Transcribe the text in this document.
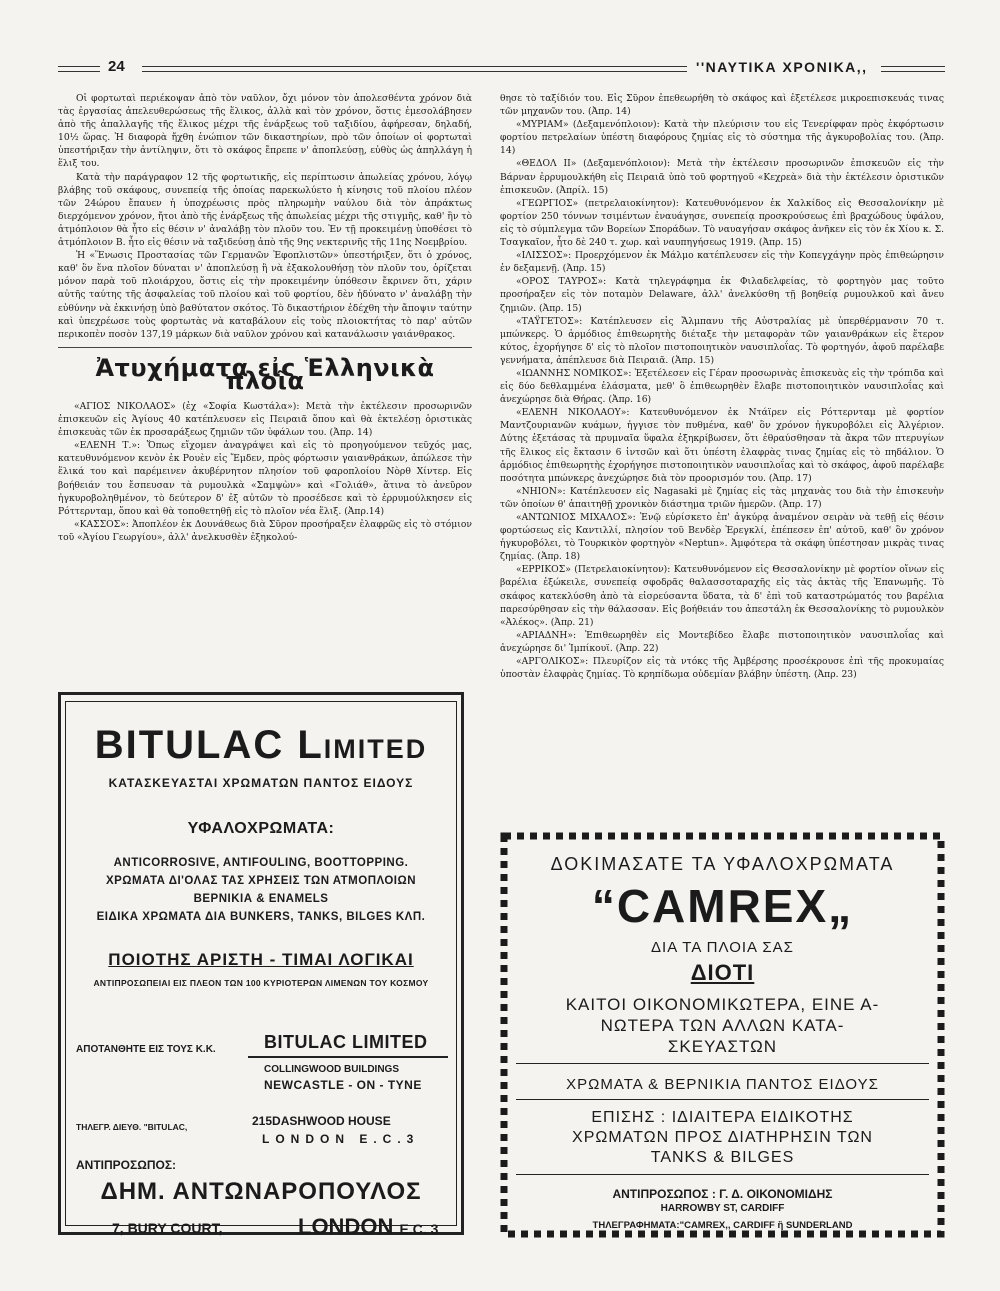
24	''ΝΑΥΤΙΚΑ ΧΡΟΝΙΚΑ,,

Οἱ φορτωταὶ περιέκοψαν ἀπὸ τὸν ναῦλον, ὄχι μόνον τὸν ἀπολεσθέντα χρόνον διὰ τὰς ἐργασίας ἀπελευθερώσεως τῆς ἕλικος, ἀλλὰ καὶ τὸν χρόνον, ὅστις ἐμεσολάβησεν ἀπὸ τῆς ἀπαλλαγῆς τῆς ἕλικος μέχρι τῆς ἐνάρξεως τοῦ ταξιδίου, ἀφήρεσαν, δηλαδή, 10½ ὥρας. Ἡ διαφορὰ ἤχθη ἐνώπιον τῶν δικαστηρίων, πρὸ τῶν ὁποίων οἱ φορτωταὶ ὑπεστήριξαν τὴν ἀντίληψιν, ὅτι τὸ σκάφος ἔπρεπε ν' ἀποπλεύσῃ, εὐθὺς ὡς ἀπηλλάγη ἡ ἕλιξ του.

Κατὰ τὴν παράγραφον 12 τῆς φορτωτικῆς, εἰς περίπτωσιν ἀπωλείας χρόνου, λόγῳ βλάβης τοῦ σκάφους, συνεπείᾳ τῆς ὁποίας παρεκωλύετο ἡ κίνησις τοῦ πλοίου πλέον τῶν 24ώρου ἔπαυεν ἡ ὑποχρέωσις πρὸς πληρωμὴν ναύλου διὰ τὸν ἀπράκτως διερχόμενον χρόνον, ἤτοι ἀπὸ τῆς ἐνάρξεως τῆς ἀπωλείας μέχρι τῆς στιγμῆς, καθ' ἣν τὸ ἀτμόπλοιον θὰ ἦτο εἰς θέσιν ν' ἀναλάβῃ τὸν πλοῦν του. Ἐν τῇ προκειμένῃ ὑποθέσει τὸ ἀτμόπλοιον Β. ἦτο εἰς θέσιν νὰ ταξιδεύσῃ ἀπὸ τῆς 9ης νεκτερινῆς τῆς 11ης Νοεμβρίου.

Ἡ «Ἕνωσις Προστασίας τῶν Γερμανῶν Ἐφοπλιστῶν» ὑπεστήριξεν, ὅτι ὁ χρόνος, καθ' ὃν ἕνα πλοῖον δύναται ν' ἀποπλεύσῃ ἢ νὰ ἐξακολουθήσῃ τὸν πλοῦν του, ὁρίζεται μόνον παρὰ τοῦ πλοιάρχου, ὅστις εἰς τὴν προκειμένην ὑπόθεσιν ἔκρινεν ὅτι, χάριν αὐτῆς ταύτης τῆς ἀσφαλείας τοῦ πλοίου καὶ τοῦ φορτίου, δὲν ἠδύνατο ν' ἀναλάβῃ τὴν εὐθύνην νὰ ἐκκινήσῃ ὑπὸ βαθύτατον σκότος. Τὸ δικαστήριον ἐδέχθη τὴν ἄποψιν ταύτην καὶ ὑπεχρέωσε τοὺς φορτωτὰς νὰ καταβάλουν εἰς τοὺς πλοιοκτήτας τὸ παρ' αὐτῶν περικοπὲν ποσὸν 137,19 μάρκων διὰ ναῦλον χρόνου καὶ κατανάλωσιν γαιάνθρακος.

Ἀτυχήματα εἰς Ἑλληνικὰ πλοῖα

«ΑΓΙΟΣ ΝΙΚΟΛΑΟΣ» (ἐχ «Σοφία Κωστάλα»): Μετὰ τὴν ἐκτέλεσιν προσωρινῶν ἐπισκευῶν εἰς Ἁγίους 40 κατέπλευσεν εἰς Πειραιᾶ ὅπου καὶ θὰ ἐκτελέσῃ ὁριστικὰς ἐπισκευὰς τῶν ἐκ προσαράξεως ζημιῶν τῶν ὑφάλων του. (Ἀπρ. 14)

«ΕΛΕΝΗ Τ.»: Ὅπως εἴχομεν ἀναγράψει καὶ εἰς τὸ προηγούμενον τεῦχός μας, κατευθυνόμενον κενὸν ἐκ Ρουὲν εἰς Ἔμδεν, πρὸς φόρτωσιν γαιανθράκων, ἀπώλεσε τὴν ἕλικά του καὶ παρέμεινεν ἀκυβέρνητον πλησίον τοῦ φαροπλοίου Νὸρθ Χίντερ. Εἰς βοήθειάν του ἔσπευσαν τὰ ρυμουλκὰ «Σαμψὼν» καὶ «Γολιάθ», ἅτινα τὸ ἀνεῦρον ἠγκυροβοληθμένον, τὸ δεύτερον δ' ἐξ αὐτῶν τὸ προσέδεσε καὶ τὸ ἐρρυμούλκησεν εἰς Ρόττερνταμ, ὅπου καὶ θὰ τοποθετηθῇ εἰς τὸ πλοῖον νέα ἕλιξ. (Ἀπρ.14)

«ΚΑΣΣΟΣ»: Ἀποπλέον ἐκ Δουνάθεως διὰ Σῦρον προσήραξεν ἐλαφρῶς εἰς τὸ στόμιον τοῦ «Ἁγίου Γεωργίου», ἀλλ' ἀνελκυσθὲν ἐξηκολού-

θησε τὸ ταξίδιόν του. Εἰς Σῦρον ἐπεθεωρήθη τὸ σκάφος καὶ ἐξετέλεσε μικροεπισκευάς τινας τῶν μηχανῶν του. (Ἀπρ. 14)

«ΜΥΡΙΑΜ» (Δεξαμενόπλοιον): Κατὰ τὴν πλεύρισιν του εἰς Τενερίφφαν πρὸς ἐκφόρτωσιν φορτίου πετρελαίων ὑπέστη διαφόρους ζημίας εἰς τὸ σύστημα τῆς ἀγκυροβολίας του. (Ἀπρ. 14)

«ΘΕΔΟΛ ΙΙ» (Δεξαμενόπλοιον): Μετὰ τὴν ἐκτέλεσιν προσωρινῶν ἐπισκευῶν εἰς τὴν Βάρναν ἐρρυμουλκήθη εἰς Πειραιᾶ ὑπὸ τοῦ φορτηγοῦ «Κεχρεὰ» διὰ τὴν ἐκτέλεσιν ὁριστικῶν ἐπισκευῶν. (Ἀπρίλ. 15)

«ΓΕΩΡΓΙΟΣ» (πετρελαιοκίνητον): Κατευθυνόμενον ἐκ Χαλκίδος εἰς Θεσσαλονίκην μὲ φορτίον 250 τόννων τσιμέντων ἐναυάγησε, συνεπείᾳ προσκρούσεως ἐπὶ βραχώδους ὑφάλου, εἰς τὸ σύμπλεγμα τῶν Βορείων Σποράδων. Τὸ ναυαγήσαν σκάφος ἀνῆκεν εἰς τὸν ἐκ Χίου κ. Σ. Τσαγκαῖον, ἦτο δὲ 240 τ. χωρ. καὶ ναυπηγήσεως 1919. (Ἀπρ. 15)

«ΙΛΙΣΣΟΣ»: Προερχόμενον ἐκ Μάλμο κατέπλευσεν εἰς τὴν Κοπεγχάγην πρὸς ἐπιθεώρησιν ἐν δεξαμενῇ. (Ἀπρ. 15)

«ΟΡΟΣ ΤΑΥΡΟΣ»: Κατὰ τηλεγράφημα ἐκ Φιλαδελφείας, τὸ φορτηγὸν μας τοῦτο προσήραξεν εἰς τὸν ποταμὸν Delaware, ἀλλ' ἀνελκύσθη τῇ βοηθείᾳ ρυμουλκοῦ καὶ ἄνευ ζημιῶν. (Ἀπρ. 15)

«ΤΑΫΓΕΤΟΣ»: Κατέπλευσεν εἰς Ἄλμπανυ τῆς Αὐστραλίας μὲ ὑπερθέρμανσιν 70 τ. μπώνκερς. Ὁ ἁρμόδιος ἐπιθεωρητὴς διέταξε τὴν μεταφορὰν τῶν γαιανθράκων εἰς ἕτερον κύτος, ἐχορήγησε δ' εἰς τὸ πλοῖον πιστοποιητικὸν ναυσιπλοΐας. Τὸ φορτηγόν, ἀφοῦ παρέλαβε γεννήματα, ἀπέπλευσε διὰ Πειραιᾶ. (Ἀπρ. 15)

«ΙΩΑΝΝΗΣ ΝΟΜΙΚΟΣ»: Ἐξετέλεσεν εἰς Γέραν προσωρινὰς ἐπισκευὰς εἰς τὴν τρόπιδα καὶ εἰς δύο δεθλαμμένα ἐλάσματα, μεθ' ὃ ἐπιθεωρηθὲν ἔλαβε πιστοποιητικὸν ναυσιπλοΐας καὶ ἀνεχώρησε διὰ Θήρας. (Ἀπρ. 16)

«ΕΛΕΝΗ ΝΙΚΟΛΑΟΥ»: Κατευθυνόμενον ἐκ Ντάϊρεν εἰς Ρόττερνταμ μὲ φορτίον Μαντζουριανῶν κυάμων, ἠγγισε τὸν πυθμένα, καθ' ὃν χρόνον ἠγκυροβόλει εἰς Ἀλγέριον. Δύτης ἐξετάσας τὰ πρυμναῖα ὕφαλα ἐξηκρίβωσεν, ὅτι ἐθραύσθησαν τὰ ἄκρα τῶν πτερυγίων τῆς ἕλικος εἰς ἔκτασιν 6 ἰντσῶν καὶ ὅτι ὑπέστη ἐλαφρὰς τινας ζημίας εἰς τὸ πηδάλιον. Ὁ ἁρμόδιος ἐπιθεωρητὴς ἐχορήγησε πιστοποιητικὸν ναυσιπλοΐας καὶ τὸ σκάφος, ἀφοῦ παρέλαβε ποσότητα μπώνκερς ἀνεχώρησε διὰ τὸν προορισμόν του. (Ἀπρ. 17)

«ΝΗΙΟΝ»: Κατέπλευσεν εἰς Nagasaki μὲ ζημίας εἰς τὰς μηχανὰς του διὰ τὴν ἐπισκευὴν τῶν ὁποίων θ' ἀπαιτηθῇ χρονικὸν διάστημα τριῶν ἡμερῶν. (Ἀπρ. 17)

«ΑΝΤΩΝΙΟΣ ΜΙΧΑΛΟΣ»: Ἐνῷ εὑρίσκετο ἐπ' ἀγκύρᾳ ἀναμένον σειρὰν νὰ τεθῇ εἰς θέσιν φορτώσεως εἰς Καντιλλί, πλησίον τοῦ Βενδὲρ Ἐρεγκλί, ἐπέπεσεν ἐπ' αὐτοῦ, καθ' ὃν χρόνον ἠγκυροβόλει, τὸ Τουρκικὸν φορτηγὸν «Neptun». Ἀμφότερα τὰ σκάφη ὑπέστησαν μικρὰς τινας ζημίας. (Ἀπρ. 18)

«ΕΡΡΙΚΟΣ» (Πετρελαιοκίνητον): Κατευθυνόμενον εἰς Θεσσαλονίκην μὲ φορτίον οἴνων εἰς βαρέλια ἐξώκειλε, συνεπείᾳ σφοδρᾶς θαλασσοταραχῆς εἰς τὰς ἀκτὰς τῆς Ἐπανωμῆς. Τὸ σκάφος κατεκλύσθη ἀπὸ τὰ εἰσρεύσαντα ὕδατα, τὰ δ' ἐπὶ τοῦ καταστρώματός του βαρέλια παρεσύρθησαν εἰς τὴν θάλασσαν. Εἰς βοήθειάν του ἀπεστάλη ἐκ Θεσσαλονίκης τὸ ρυμουλκὸν «Ἀλέκος». (Ἀπρ. 21)

«ΑΡΙΑΔΝΗ»: Ἐπιθεωρηθὲν εἰς Μοντεβίδεο ἔλαβε πιστοποιητικὸν ναυσιπλοΐας καὶ ἀνεχώρησε δι' Ἱμπίκουϊ. (Ἀπρ. 22)

«ΑΡΓΟΛΙΚΟΣ»: Πλευρίζον εἰς τὰ ντόκς τῆς Ἀμβέρσης προσέκρουσε ἐπὶ τῆς προκυμαίας ὑποστὰν ἐλαφρὰς ζημίας. Τὸ κρηπίδωμα οὐδεμίαν βλάβην ὑπέστη. (Ἀπρ. 23)

BITULAC LIMITED
ΚΑΤΑΣΚΕΥΑΣΤΑΙ ΧΡΩΜΑΤΩΝ ΠΑΝΤΟΣ ΕΙΔΟΥΣ
ΥΦΑΛΟΧΡΩΜΑΤΑ:
ANTICORROSIVE, ANTIFOULING, BOOTTOPPING.
ΧΡΩΜΑΤΑ ΔΙ'ΟΛΑΣ ΤΑΣ ΧΡΗΣΕΙΣ ΤΩΝ ΑΤΜΟΠΛΟΙΩΝ
ΒΕΡΝΙΚΙΑ & ENAMELS
ΕΙΔΙΚΑ ΧΡΩΜΑΤΑ ΔΙΑ BUNKERS, TANKS, BILGES ΚΛΠ.
ΠΟΙΟΤΗΣ ΑΡΙΣΤΗ - ΤΙΜΑΙ ΛΟΓΙΚΑΙ
ΑΝΤΙΠΡΟΣΩΠΕΙΑΙ ΕΙΣ ΠΛΕΟΝ ΤΩΝ 100 ΚΥΡΙΟΤΕΡΩΝ ΛΙΜΕΝΩΝ ΤΟΥ ΚΟΣΜΟΥ
ΑΠΟΤΑΝΘΗΤΕ ΕΙΣ ΤΟΥΣ Κ.Κ.	BITULAC LIMITED
COLLINGWOOD BUILDINGS
NEWCASTLE - ON - TYNE
ΤΗΛΕΓΡ. ΔΙΕΥΘ. "BITULAC,	215DASHWOOD HOUSE
LONDON E.C.3
ΑΝΤΙΠΡΟΣΩΠΟΣ:
ΔΗΜ. ΑΝΤΩΝΑΡΟΠΟΥΛΟΣ
7, BURY COURT,	LONDON E.C. 3
ΔΟΚΙΜΑΣΑΤΕ ΤΑ ΥΦΑΛΟΧΡΩΜΑΤΑ
“CAMREX„
ΔΙΑ ΤΑ ΠΛΟΙΑ ΣΑΣ
ΔΙΟΤΙ
ΚΑΙΤΟΙ ΟΙΚΟΝΟΜΙΚΩΤΕΡΑ, ΕΙΝΕ Α-
ΝΩΤΕΡΑ ΤΩΝ ΑΛΛΩΝ ΚΑΤΑ-
ΣΚΕΥΑΣΤΩΝ
ΧΡΩΜΑΤΑ & ΒΕΡΝΙΚΙΑ ΠΑΝΤΟΣ ΕΙΔΟΥΣ
ΕΠΙΣΗΣ : ΙΔΙΑΙΤΕΡΑ ΕΙΔΙΚΟΤΗΣ
ΧΡΩΜΑΤΩΝ ΠΡΟΣ ΔΙΑΤΗΡΗΣΙΝ ΤΩΝ
TANKS & BILGES
ΑΝΤΙΠΡΟΣΩΠΟΣ : Γ. Δ. ΟΙΚΟΝΟΜΙΔΗΣ
HARROWBY ST, CARDIFF
ΤΗΛΕΓΡΑΦΗΜΑΤΑ:"CAMREX,, CARDIFF ἢ SUNDERLAND
